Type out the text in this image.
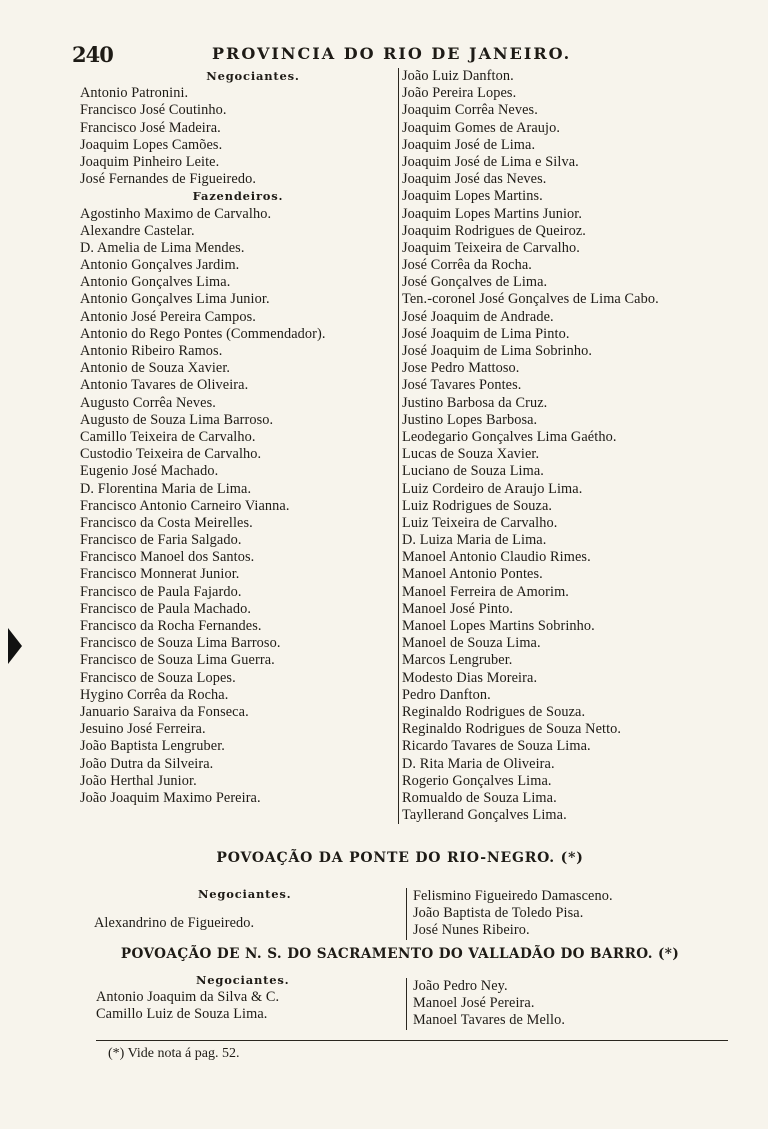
240	PROVINCIA DO RIO DE JANEIRO.
Negociantes.
Antonio Patronini.
Francisco José Coutinho.
Francisco José Madeira.
Joaquim Lopes Camões.
Joaquim Pinheiro Leite.
José Fernandes de Figueiredo.
Fazendeiros.
Agostinho Maximo de Carvalho.
Alexandre Castelar.
D. Amelia de Lima Mendes.
Antonio Gonçalves Jardim.
Antonio Gonçalves Lima.
Antonio Gonçalves Lima Junior.
Antonio José Pereira Campos.
Antonio do Rego Pontes (Commendador).
Antonio Ribeiro Ramos.
Antonio de Souza Xavier.
Antonio Tavares de Oliveira.
Augusto Corrêa Neves.
Augusto de Souza Lima Barroso.
Camillo Teixeira de Carvalho.
Custodio Teixeira de Carvalho.
Eugenio José Machado.
D. Florentina Maria de Lima.
Francisco Antonio Carneiro Vianna.
Francisco da Costa Meirelles.
Francisco de Faria Salgado.
Francisco Manoel dos Santos.
Francisco Monnerat Junior.
Francisco de Paula Fajardo.
Francisco de Paula Machado.
Francisco da Rocha Fernandes.
Francisco de Souza Lima Barroso.
Francisco de Souza Lima Guerra.
Francisco de Souza Lopes.
Hygino Corrêa da Rocha.
Januario Saraiva da Fonseca.
Jesuino José Ferreira.
João Baptista Lengruber.
João Dutra da Silveira.
João Herthal Junior.
João Joaquim Maximo Pereira.
João Luiz Danfton.
João Pereira Lopes.
Joaquim Corrêa Neves.
Joaquim Gomes de Araujo.
Joaquim José de Lima.
Joaquim José de Lima e Silva.
Joaquim José das Neves.
Joaquim Lopes Martins.
Joaquim Lopes Martins Junior.
Joaquim Rodrigues de Queiroz.
Joaquim Teixeira de Carvalho.
José Corrêa da Rocha.
José Gonçalves de Lima.
Ten.-coronel José Gonçalves de Lima Cabo.
José Joaquim de Andrade.
José Joaquim de Lima Pinto.
José Joaquim de Lima Sobrinho.
Jose Pedro Mattoso.
José Tavares Pontes.
Justino Barbosa da Cruz.
Justino Lopes Barbosa.
Leodegario Gonçalves Lima Gaétho.
Lucas de Souza Xavier.
Luciano de Souza Lima.
Luiz Cordeiro de Araujo Lima.
Luiz Rodrigues de Souza.
Luiz Teixeira de Carvalho.
D. Luiza Maria de Lima.
Manoel Antonio Claudio Rimes.
Manoel Antonio Pontes.
Manoel Ferreira de Amorim.
Manoel José Pinto.
Manoel Lopes Martins Sobrinho.
Manoel de Souza Lima.
Marcos Lengruber.
Modesto Dias Moreira.
Pedro Danfton.
Reginaldo Rodrigues de Souza.
Reginaldo Rodrigues de Souza Netto.
Ricardo Tavares de Souza Lima.
D. Rita Maria de Oliveira.
Rogerio Gonçalves Lima.
Romualdo de Souza Lima.
Tayllerand Gonçalves Lima.
POVOAÇÃO DA PONTE DO RIO-NEGRO. (*)
Negociantes.
Alexandrino de Figueiredo.
Felismino Figueiredo Damasceno.
João Baptista de Toledo Pisa.
José Nunes Ribeiro.
POVOAÇÃO DE N. S. DO SACRAMENTO DO VALLADÃO DO BARRO. (*)
Negociantes.
Antonio Joaquim da Silva & C.
Camillo Luiz de Souza Lima.
João Pedro Ney.
Manoel José Pereira.
Manoel Tavares de Mello.
(*) Vide nota á pag. 52.
